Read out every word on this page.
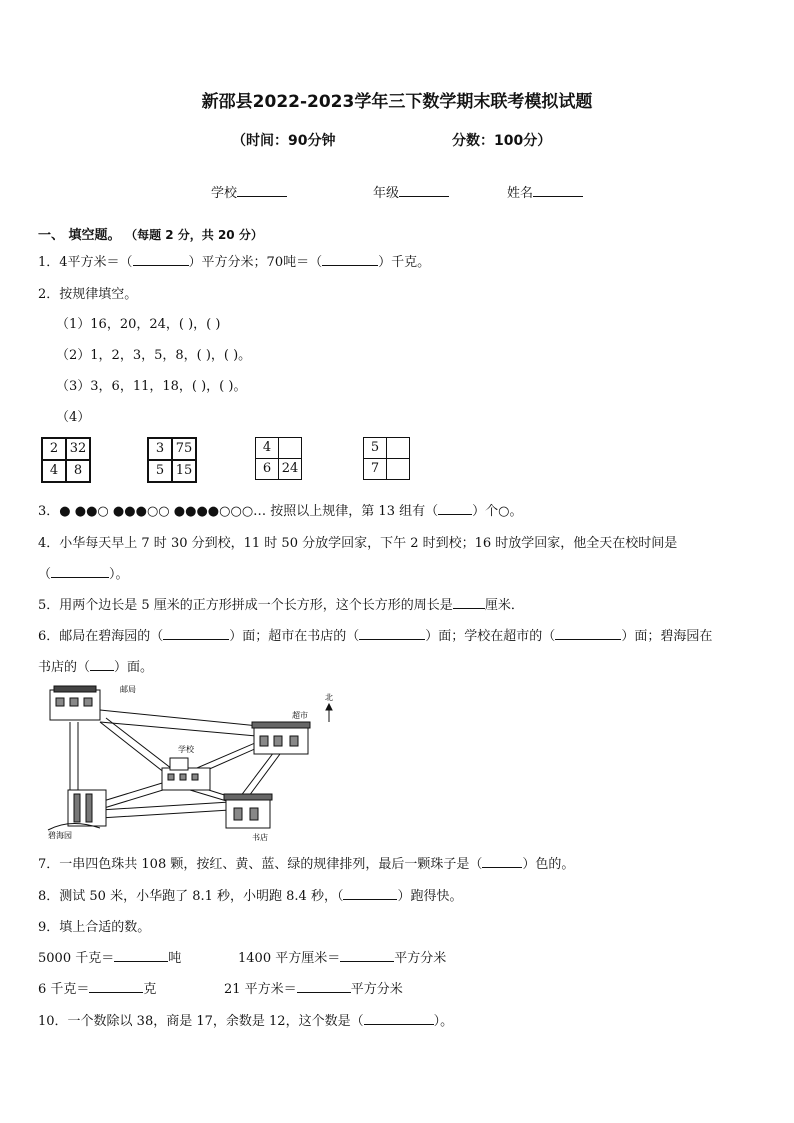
新邵县2022-2023学年三下数学期末联考模拟试题
（时间：90分钟	分数：100分）
学校	年级	姓名
一、 填空题。 （每题 2 分，共 20 分）
1．4平方米＝（	）平方分米；70吨＝（	）千克。
2．按规律填空。
（1）16，20，24，( )，( )
（2）1，2，3，5，8，( )，( )。
（3）3，6，11，18，( )，( )。
（4）
2	32
4	8
3	75
5	15
4	
6	24
5	
7	
3．● ●●○ ●●●○○ ●●●●○○○… 按照以上规律，第 13 组有（	）个○。
4．小华每天早上 7 时 30 分到校，11 时 50 分放学回家，下午 2 时到校；16 时放学回家，他全天在校时间是
（	）。
5．用两个边长是 5 厘米的正方形拼成一个长方形，这个长方形的周长是 厘米．
6．邮局在碧海园的（	）面；超市在书店的（	）面；学校在超市的（	）面；碧海园在
书店的（ ）面。
邮局
超市
北
学校
碧海园	书店
7．一串四色珠共 108 颗，按红、黄、蓝、绿的规律排列，最后一颗珠子是（	）色的。
8．测试 50 米，小华跑了 8.1 秒，小明跑 8.4 秒，（	）跑得快。
9．填上合适的数。
5000 千克＝	吨	1400 平方厘米＝	平方分米
6 千克＝	克	21 平方米＝	平方分米
10．一个数除以 38，商是 17，余数是 12，这个数是（	）。
